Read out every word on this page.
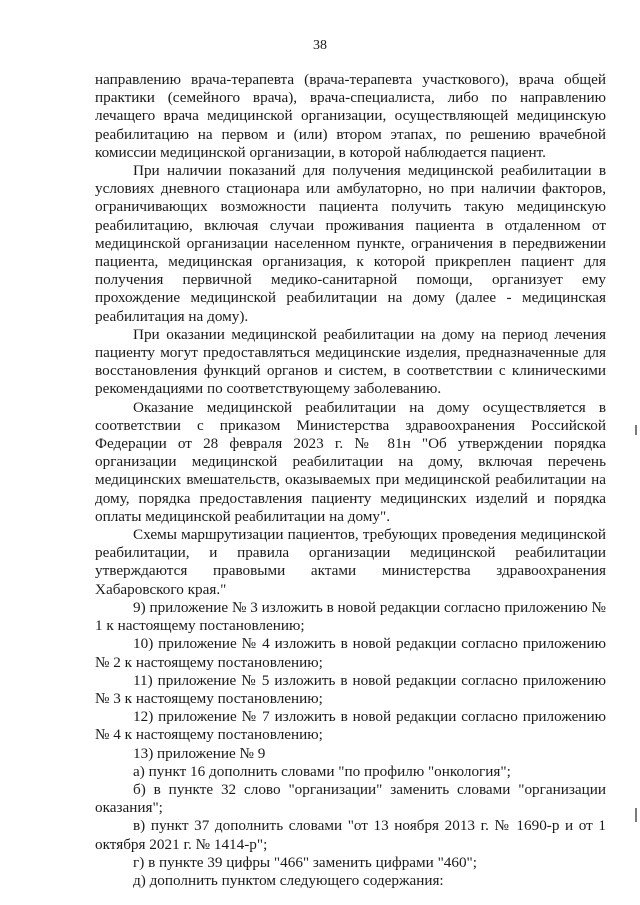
38

направлению врача-терапевта (врача-терапевта участкового), врача общей практики (семейного врача), врача-специалиста, либо по направлению лечащего врача медицинской организации, осуществляющей медицинскую реабилитацию на первом и (или) втором этапах, по решению врачебной комиссии медицинской организации, в которой наблюдается пациент.

При наличии показаний для получения медицинской реабилитации в условиях дневного стационара или амбулаторно, но при наличии факторов, ограничивающих возможности пациента получить такую медицинскую реабилитацию, включая случаи проживания пациента в отдаленном от медицинской организации населенном пункте, ограничения в передвижении пациента, медицинская организация, к которой прикреплен пациент для получения первичной медико-санитарной помощи, организует ему прохождение медицинской реабилитации на дому (далее - медицинская реабилитация на дому).

При оказании медицинской реабилитации на дому на период лечения пациенту могут предоставляться медицинские изделия, предназначенные для восстановления функций органов и систем, в соответствии с клиническими рекомендациями по соответствующему заболеванию.

Оказание медицинской реабилитации на дому осуществляется в соответствии с приказом Министерства здравоохранения Российской Федерации от 28 февраля 2023 г. № 81н "Об утверждении порядка организации медицинской реабилитации на дому, включая перечень медицинских вмешательств, оказываемых при медицинской реабилитации на дому, порядка предоставления пациенту медицинских изделий и порядка оплаты медицинской реабилитации на дому".

Схемы маршрутизации пациентов, требующих проведения медицинской реабилитации, и правила организации медицинской реабилитации утверждаются правовыми актами министерства здравоохранения Хабаровского края."

9) приложение № 3 изложить в новой редакции согласно приложению № 1 к настоящему постановлению;

10) приложение № 4 изложить в новой редакции согласно приложению № 2 к настоящему постановлению;

11) приложение № 5 изложить в новой редакции согласно приложению № 3 к настоящему постановлению;

12) приложение № 7 изложить в новой редакции согласно приложению № 4 к настоящему постановлению;

13) приложение № 9

а) пункт 16 дополнить словами "по профилю "онкология";

б) в пункте 32 слово "организации" заменить словами "организации оказания";

в) пункт 37 дополнить словами "от 13 ноября 2013 г. № 1690-р и от 1 октября 2021 г. № 1414-р";

г) в пункте 39 цифры "466" заменить цифрами "460";

д) дополнить пунктом следующего содержания:
